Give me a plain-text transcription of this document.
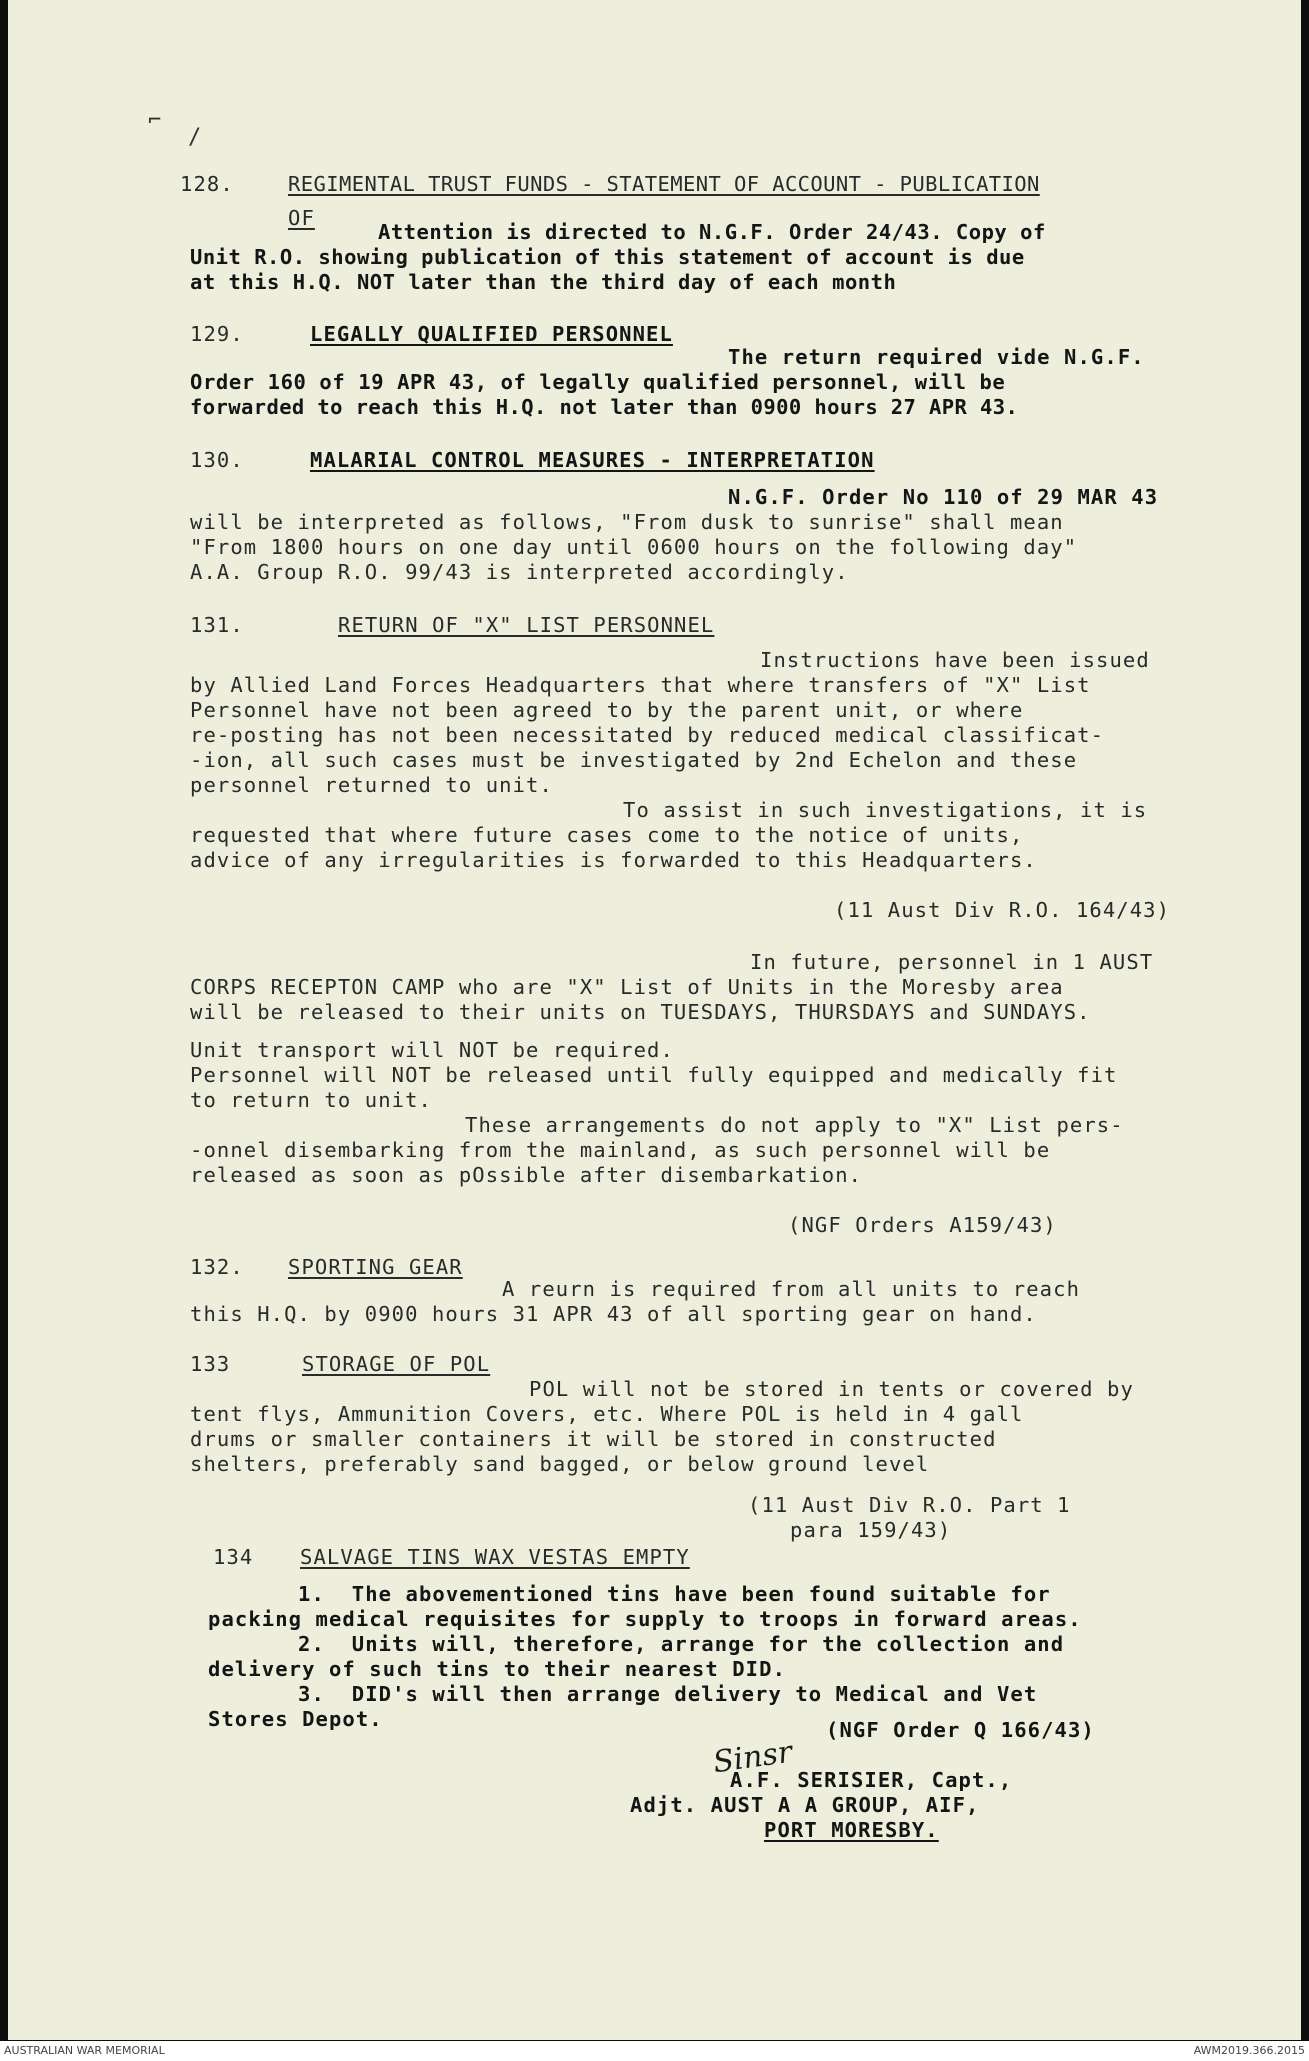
⌐
/
128.	REGIMENTAL TRUST FUNDS - STATEMENT OF ACCOUNT - PUBLICATION
OF
Attention is directed to N.G.F. Order 24/43. Copy of
Unit R.O. showing publication of this statement of account is due
at this H.Q. NOT later than the third day of each month
129.	LEGALLY QUALIFIED PERSONNEL
The return required vide N.G.F.
Order 160 of 19 APR 43, of legally qualified personnel, will be
forwarded to reach this H.Q. not later than 0900 hours 27 APR 43.
130.	MALARIAL CONTROL MEASURES - INTERPRETATION
N.G.F. Order No 110 of 29 MAR 43
will be interpreted as follows, "From dusk to sunrise" shall mean
"From 1800 hours on one day until 0600 hours on the following day"
A.A. Group R.O. 99/43 is interpreted accordingly.
131.	RETURN OF "X" LIST PERSONNEL
Instructions have been issued
by Allied Land Forces Headquarters that where transfers of "X" List
Personnel have not been agreed to by the parent unit, or where
re-posting has not been necessitated by reduced medical classificat-
-ion, all such cases must be investigated by 2nd Echelon and these
personnel returned to unit.
To assist in such investigations, it is
requested that where future cases come to the notice of units,
advice of any irregularities is forwarded to this Headquarters.
(11 Aust Div R.O. 164/43)
In future, personnel in 1 AUST
CORPS RECEPTON CAMP who are "X" List of Units in the Moresby area
will be released to their units on TUESDAYS, THURSDAYS and SUNDAYS.
Unit transport will NOT be required.
Personnel will NOT be released until fully equipped and medically fit
to return to unit.
These arrangements do not apply to "X" List pers-
-onnel disembarking from the mainland, as such personnel will be
released as soon as pOssible after disembarkation.
(NGF Orders A159/43)
132. SPORTING GEAR
A reurn is required from all units to reach
this H.Q. by 0900 hours 31 APR 43 of all sporting gear on hand.
133	STORAGE OF POL
POL will not be stored in tents or covered by
tent flys, Ammunition Covers, etc. Where POL is held in 4 gall
drums or smaller containers it will be stored in constructed
shelters, preferably sand bagged, or below ground level
(11 Aust Div R.O. Part 1
para 159/43)
134 SALVAGE TINS WAX VESTAS EMPTY
1.  The abovementioned tins have been found suitable for
packing medical requisites for supply to troops in forward areas.
2.  Units will, therefore, arrange for the collection and
delivery of such tins to their nearest DID.
3.  DID's will then arrange delivery to Medical and Vet
Stores Depot.	(NGF Order Q 166/43)
Sinsr
A.F. SERISIER, Capt.,
Adjt. AUST A A GROUP, AIF,
PORT MORESBY.
AUSTRALIAN WAR MEMORIAL	AWM2019.366.2015
